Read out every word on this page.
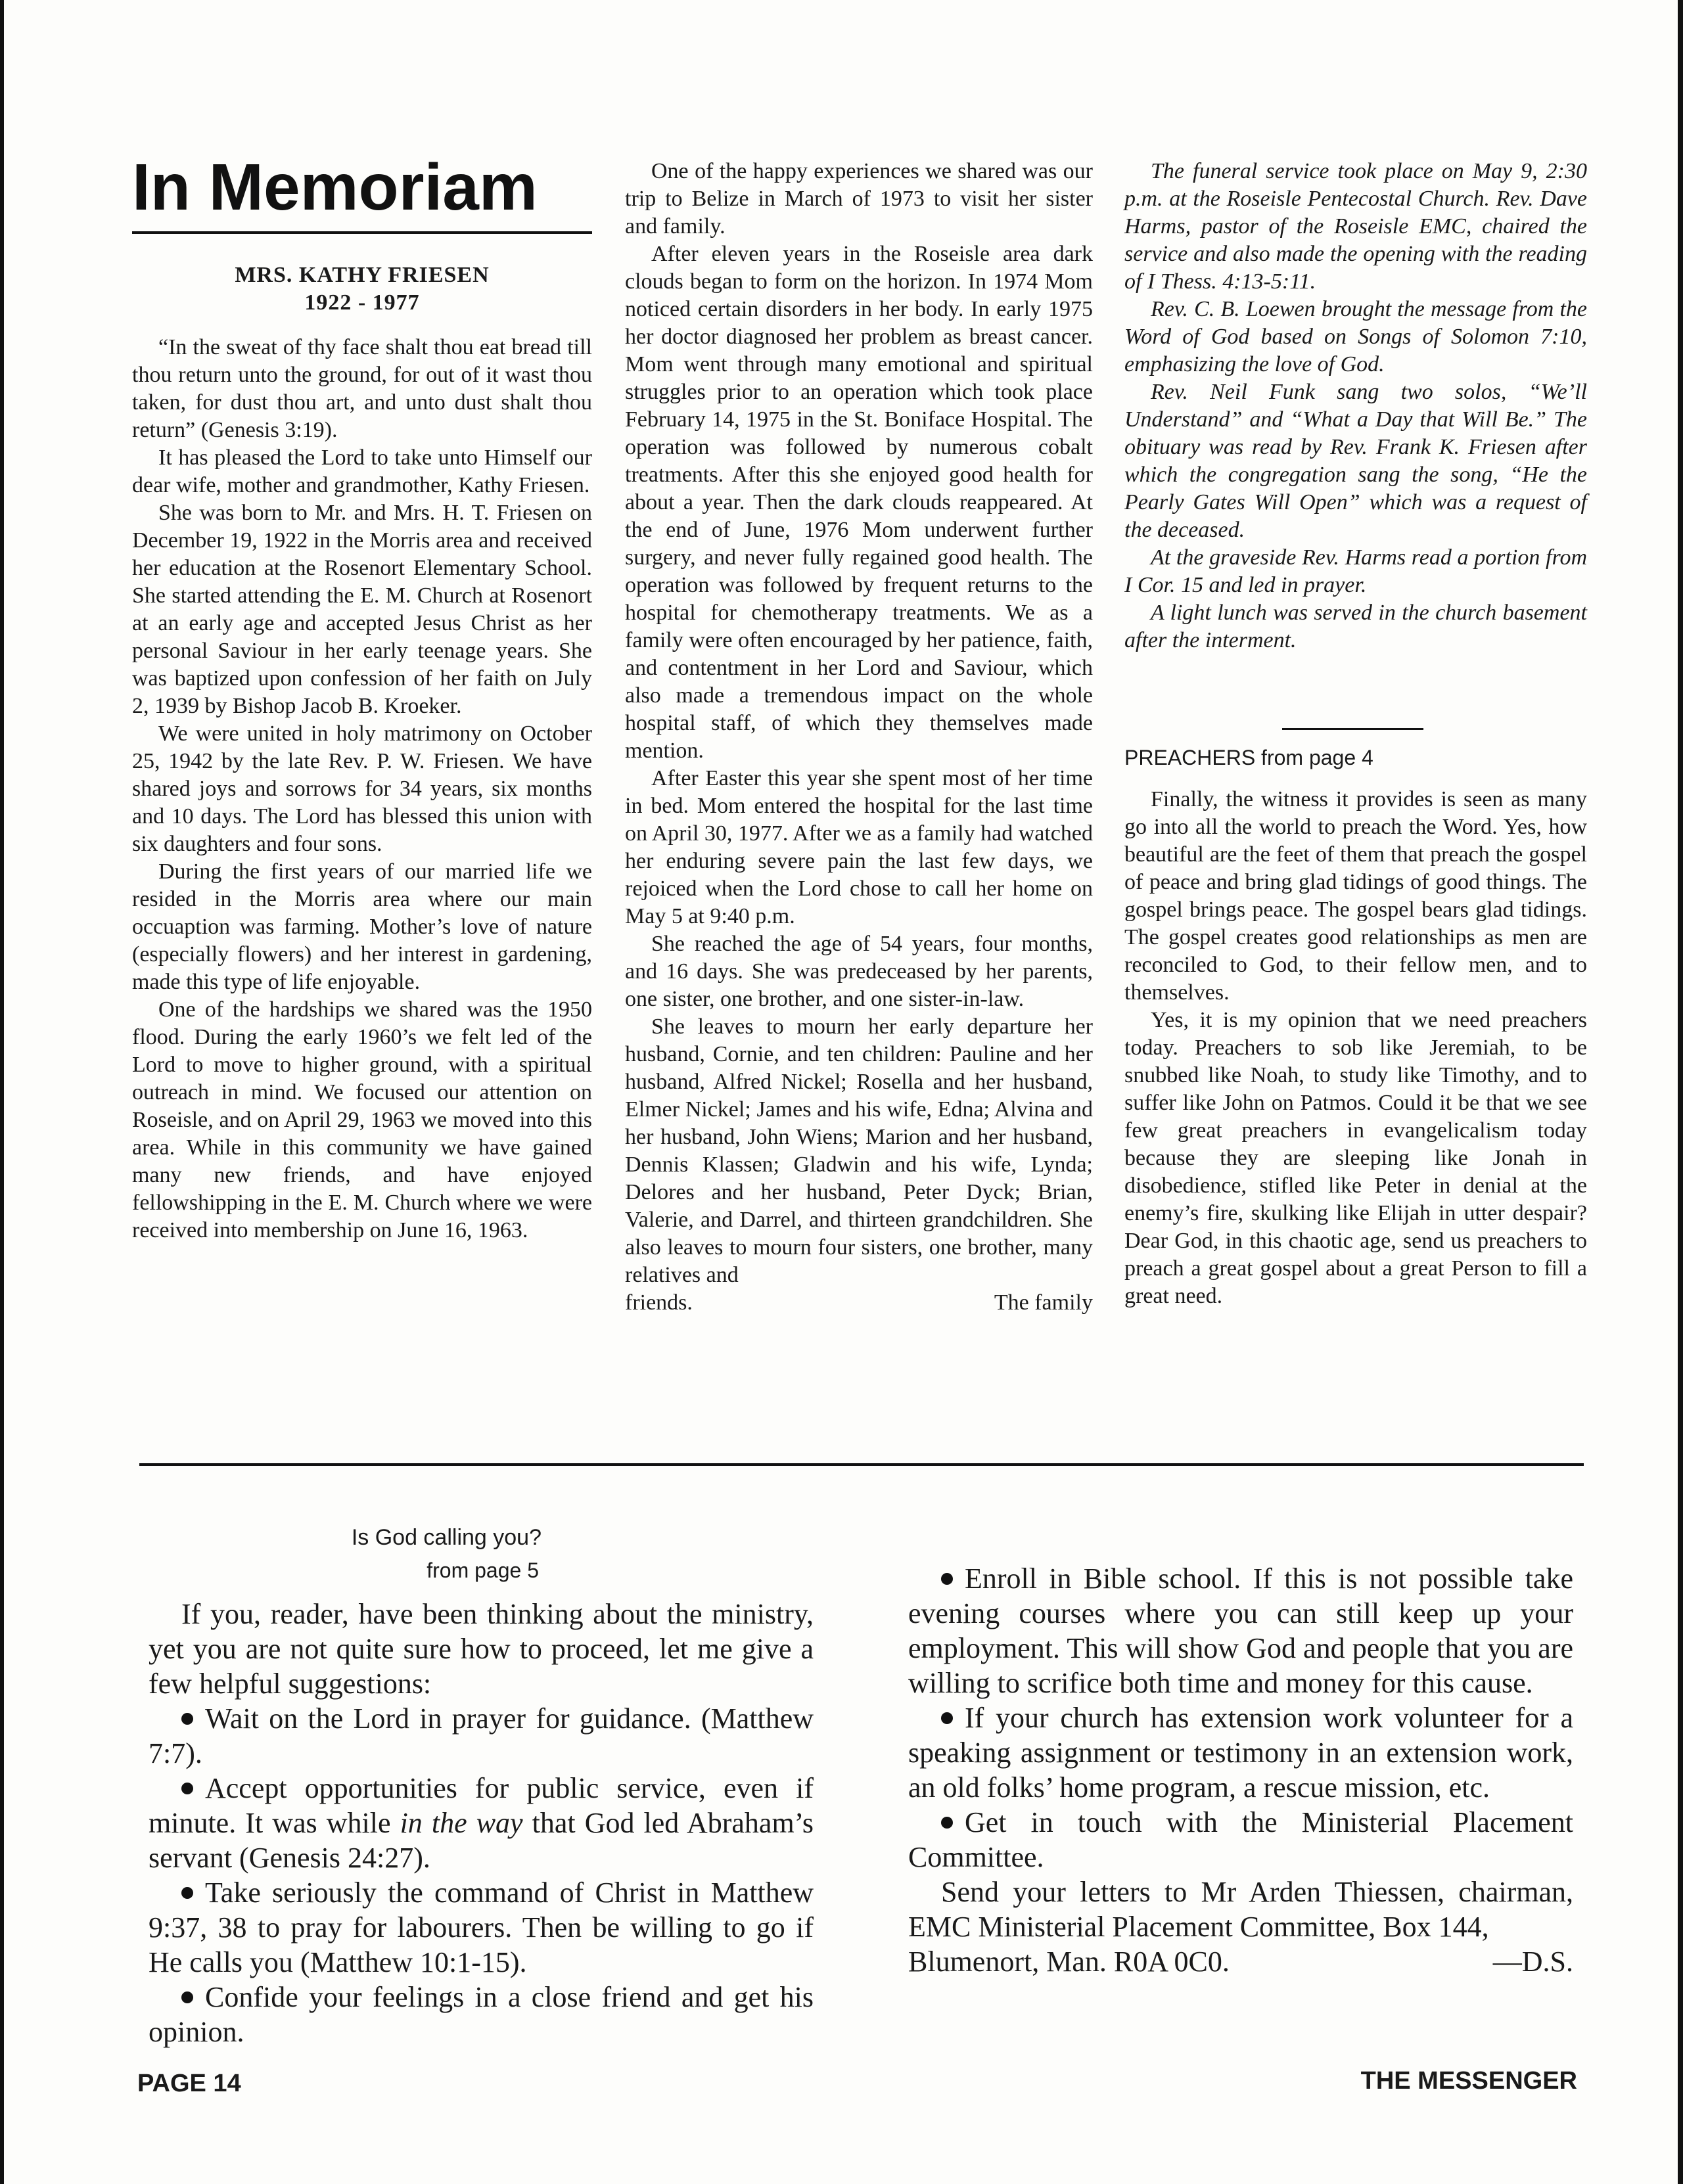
In Memoriam
MRS. KATHY FRIESEN
1922 - 1977

“In the sweat of thy face shalt thou eat bread till thou return unto the ground, for out of it wast thou taken, for dust thou art, and unto dust shalt thou return” (Genesis 3:19).

It has pleased the Lord to take unto Himself our dear wife, mother and grandmother, Kathy Friesen.

She was born to Mr. and Mrs. H. T. Friesen on December 19, 1922 in the Morris area and received her education at the Rosenort Elementary School. She started attending the E. M. Church at Rosenort at an early age and accepted Jesus Christ as her personal Saviour in her early teenage years. She was baptized upon confession of her faith on July 2, 1939 by Bishop Jacob B. Kroeker.

We were united in holy matrimony on October 25, 1942 by the late Rev. P. W. Friesen. We have shared joys and sorrows for 34 years, six months and 10 days. The Lord has blessed this union with six daughters and four sons.

During the first years of our married life we resided in the Morris area where our main occuaption was farming. Mother’s love of nature (especially flowers) and her interest in gardening, made this type of life enjoyable.

One of the hardships we shared was the 1950 flood. During the early 1960’s we felt led of the Lord to move to higher ground, with a spiritual outreach in mind. We focused our attention on Roseisle, and on April 29, 1963 we moved into this area. While in this community we have gained many new friends, and have enjoyed fellowshipping in the E. M. Church where we were received into membership on June 16, 1963.

One of the happy experiences we shared was our trip to Belize in March of 1973 to visit her sister and family.

After eleven years in the Roseisle area dark clouds began to form on the horizon. In 1974 Mom noticed certain disorders in her body. In early 1975 her doctor diagnosed her problem as breast cancer. Mom went through many emotional and spiritual struggles prior to an operation which took place February 14, 1975 in the St. Boniface Hospital. The operation was followed by numerous cobalt treatments. After this she enjoyed good health for about a year. Then the dark clouds reappeared. At the end of June, 1976 Mom underwent further surgery, and never fully regained good health. The operation was followed by frequent returns to the hospital for chemotherapy treatments. We as a family were often encouraged by her patience, faith, and contentment in her Lord and Saviour, which also made a tremendous impact on the whole hospital staff, of which they themselves made mention.

After Easter this year she spent most of her time in bed. Mom entered the hospital for the last time on April 30, 1977. After we as a family had watched her enduring severe pain the last few days, we rejoiced when the Lord chose to call her home on May 5 at 9:40 p.m.

She reached the age of 54 years, four months, and 16 days. She was predeceased by her parents, one sister, one brother, and one sister-in-law.

She leaves to mourn her early departure her husband, Cornie, and ten children: Pauline and her husband, Alfred Nickel; Rosella and her husband, Elmer Nickel; James and his wife, Edna; Alvina and her husband, John Wiens; Marion and her husband, Dennis Klassen; Gladwin and his wife, Lynda; Delores and her husband, Peter Dyck; Brian, Valerie, and Darrel, and thirteen grandchildren. She also leaves to mourn four sisters, one brother, many relatives and

friends.	The family

The funeral service took place on May 9, 2:30 p.m. at the Roseisle Pentecostal Church. Rev. Dave Harms, pastor of the Roseisle EMC, chaired the service and also made the opening with the reading of I Thess. 4:13-5:11.

Rev. C. B. Loewen brought the message from the Word of God based on Songs of Solomon 7:10, emphasizing the love of God.

Rev. Neil Funk sang two solos, “We’ll Understand” and “What a Day that Will Be.” The obituary was read by Rev. Frank K. Friesen after which the congregation sang the song, “He the Pearly Gates Will Open” which was a request of the deceased.

At the graveside Rev. Harms read a portion from I Cor. 15 and led in prayer.

A light lunch was served in the church basement after the interment.

PREACHERS from page 4

Finally, the witness it provides is seen as many go into all the world to preach the Word. Yes, how beautiful are the feet of them that preach the gospel of peace and bring glad tidings of good things. The gospel brings peace. The gospel bears glad tidings. The gospel creates good relationships as men are reconciled to God, to their fellow men, and to themselves.

Yes, it is my opinion that we need preachers today. Preachers to sob like Jeremiah, to be snubbed like Noah, to study like Timothy, and to suffer like John on Patmos. Could it be that we see few great preachers in evangelicalism today because they are sleeping like Jonah in disobedience, stifled like Peter in denial at the enemy’s fire, skulking like Elijah in utter despair? Dear God, in this chaotic age, send us preachers to preach a great gospel about a great Person to fill a great need.

Is God calling you?
from page 5

If you, reader, have been thinking about the ministry, yet you are not quite sure how to proceed, let me give a few helpful suggestions:

Wait on the Lord in prayer for guidance. (Matthew 7:7).

Accept opportunities for public service, even if minute. It was while in the way that God led Abraham’s servant (Genesis 24:27).

Take seriously the command of Christ in Matthew 9:37, 38 to pray for labourers. Then be willing to go if He calls you (Matthew 10:1-15).

Confide your feelings in a close friend and get his opinion.

Enroll in Bible school. If this is not possible take evening courses where you can still keep up your employment. This will show God and people that you are willing to scrifice both time and money for this cause.

If your church has extension work volunteer for a speaking assignment or testimony in an extension work, an old folks’ home program, a rescue mission, etc.

Get in touch with the Ministerial Placement Committee.

Send your letters to Mr Arden Thiessen, chairman, EMC Ministerial Placement Committee, Box 144,

Blumenort, Man. R0A 0C0.	—D.S.
PAGE 14	THE MESSENGER
